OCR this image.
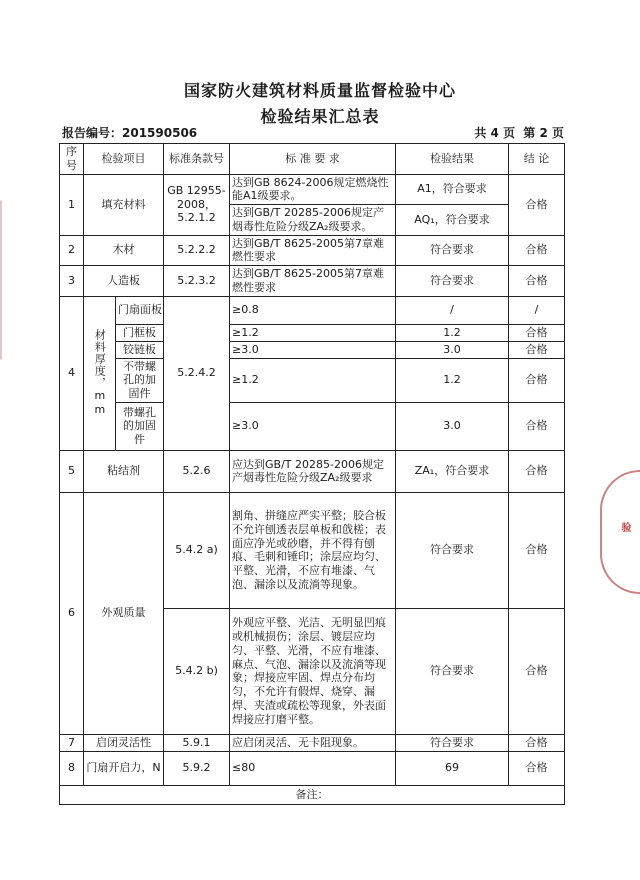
国家防火建筑材料质量监督检验中心
检验结果汇总表
报告编号：201590506	共 4 页 第 2 页
验
序号	检验项目		标准条款号	标 准 要 求	检验结果	结 论
1	填充材料		GB 12955-2008，5.2.1.2	达到GB 8624-2006规定燃烧性能A1级要求。	A1，符合要求	合格
				达到GB/T 20285-2006规定产烟毒性危险分级ZA₂级要求。	AQ₁，符合要求	
2	木材		5.2.2.2	达到GB/T 8625-2005第7章难燃性要求	符合要求	合格
3	人造板		5.2.3.2	达到GB/T 8625-2005第7章难燃性要求	符合要求	合格
4	材料厚度，mm	门扇面板	5.2.4.2	≥0.8	/	/
		门框板		≥1.2	1.2	合格
		铰链板		≥3.0	3.0	合格
		不带螺孔的加固件		≥1.2	1.2	合格
		带螺孔的加固件		≥3.0	3.0	合格
5	粘结剂		5.2.6	应达到GB/T 20285-2006规定产烟毒性危险分级ZA₂级要求	ZA₁，符合要求	合格
6	外观质量		5.4.2 a)	割角、拼缝应严实平整；胶合板不允许刨透表层单板和戗槎；表面应净光或砂磨，并不得有刨痕、毛刺和锤印；涂层应均匀、平整、光滑，不应有堆漆、气泡、漏涂以及流淌等现象。	符合要求	合格
			5.4.2 b)	外观应平整、光洁、无明显凹痕或机械损伤；涂层、镀层应均匀、平整、光滑，不应有堆漆、麻点、气泡、漏涂以及流淌等现象；焊接应牢固、焊点分布均匀，不允许有假焊、烧穿、漏焊、夹渣或疏松等现象，外表面焊接应打磨平整。	符合要求	合格
7	启闭灵活性		5.9.1	应启闭灵活、无卡阻现象。	符合要求	合格
8	门扇开启力，N		5.9.2	≤80	69	合格
备注：						
